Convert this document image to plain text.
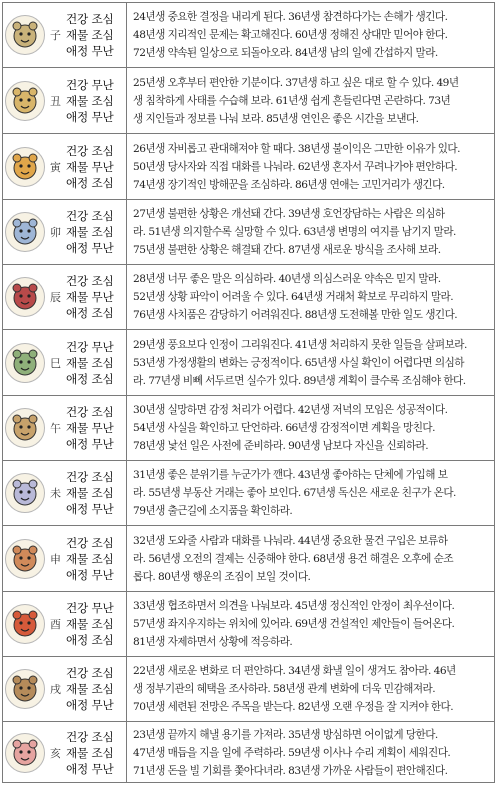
子
건강 조심
재물 조심
애정 무난
24년생 중요한 결정을 내리게 된다. 36년생 참견하다가는 손해가 생긴다.
48년생 지리적인 문제는 확고해진다. 60년생 정해진 상대만 믿어야 한다.
72년생 약속된 일상으로 되돌아오라. 84년생 남의 일에 간섭하지 말라.
丑
건강 무난
재물 조심
애정 무난
25년생 오후부터 편안한 기분이다. 37년생 하고 싶은 대로 할 수 있다. 49년
생 침착하게 사태를 수습해 보라. 61년생 쉽게 흔들린다면 곤란하다. 73년
생 지인들과 정보를 나눠 보라. 85년생 연인은 좋은 시간을 보낸다.
寅
건강 조심
재물 무난
애정 조심
26년생 자비롭고 관대해져야 할 때다. 38년생 불이익은 그만한 이유가 있다.
50년생 당사자와 직접 대화를 나눠라. 62년생 혼자서 꾸려나가야 편안하다.
74년생 장기적인 방해꾼을 조심하라. 86년생 연애는 고민거리가 생긴다.
卯
건강 조심
재물 조심
애정 무난
27년생 불편한 상황은 개선돼 간다. 39년생 호언장담하는 사람은 의심하
라. 51년생 의지할수록 실망할 수 있다. 63년생 변명의 여지를 남기지 말라.
75년생 불편한 상황은 해결돼 간다. 87년생 새로운 방식을 조사해 보라.
辰
건강 조심
재물 무난
애정 조심
28년생 너무 좋은 말은 의심하라. 40년생 의심스러운 약속은 믿지 말라.
52년생 상황 파악이 어려울 수 있다. 64년생 거래처 확보로 무리하지 말라.
76년생 사치품은 감당하기 어려워진다. 88년생 도전해볼 만한 일도 생긴다.
巳
건강 무난
재물 조심
애정 조심
29년생 풍요보다 인정이 그리워진다. 41년생 처리하지 못한 일들을 살펴보라.
53년생 가정생활의 변화는 긍정적이다. 65년생 사실 확인이 어렵다면 의심하
라. 77년생 비뻬 서두르면 실수가 있다. 89년생 계획이 클수록 조심해야 한다.
午
건강 조심
재물 무난
애정 무난
30년생 실망하면 감정 처리가 어렵다. 42년생 저녁의 모임은 성공적이다.
54년생 사실을 확인하고 단언하라. 66년생 감정적이면 계획을 망친다.
78년생 낯선 일은 사전에 준비하라. 90년생 남보다 자신을 신뢰하라.
未
건강 조심
재물 조심
애정 무난
31년생 좋은 분위기를 누군가가 깬다. 43년생 좋아하는 단체에 가입해 보
라. 55년생 부동산 거래는 좋아 보인다. 67년생 독신은 새로운 친구가 온다.
79년생 출근길에 소지품을 확인하라.
申
건강 조심
재물 조심
애정 무난
32년생 도와줄 사람과 대화를 나눠라. 44년생 중요한 물건 구입은 보류하
라. 56년생 오전의 결제는 신중해야 한다. 68년생 용건 해결은 오후에 순조
롭다. 80년생 행운의 조짐이 보일 것이다.
酉
건강 무난
재물 조심
애정 조심
33년생 협조하면서 의견을 나눠보라. 45년생 정신적인 안정이 최우선이다.
57년생 좌지우지하는 위치에 있어라. 69년생 건설적인 제안들이 들어온다.
81년생 자제하면서 상황에 적응하라.
戌
건강 조심
재물 조심
애정 무난
22년생 새로운 변화로 더 편안하다. 34년생 화낼 일이 생겨도 참아라. 46년
생 정부기관의 혜택을 조사하라. 58년생 관계 변화에 더욱 민감해져라.
70년생 세련된 전망은 주목을 받는다. 82년생 오랜 우정을 잘 지켜야 한다.
亥
건강 조심
재물 조심
애정 무난
23년생 끝까지 해낼 용기를 가져라. 35년생 방심하면 어이없게 당한다.
47년생 매듭을 지을 일에 주력하라. 59년생 이사나 수리 계획이 세워진다.
71년생 돈을 빌 기회를 쫓아다녀라. 83년생 가까운 사람들이 편안해진다.
